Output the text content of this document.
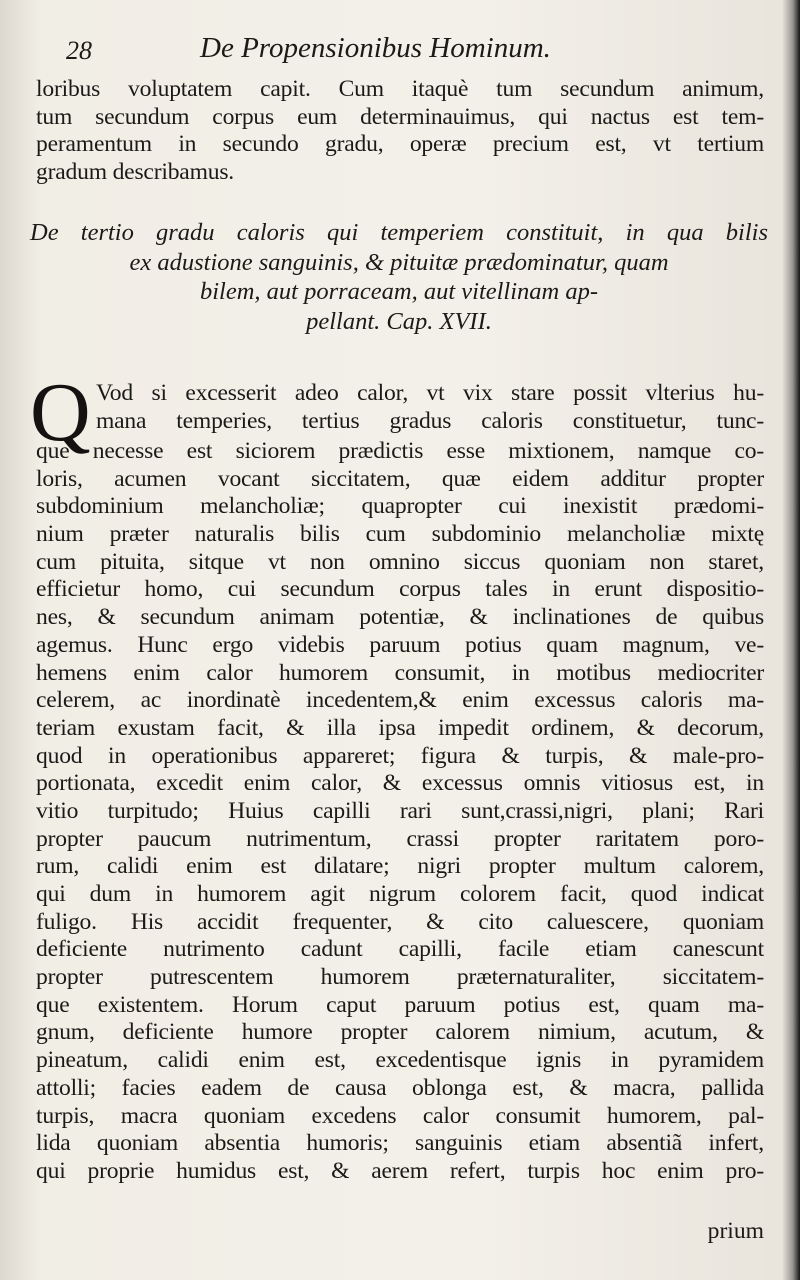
28	De Propensionibus Hominum.
loribus voluptatem capit. Cum itaquè tum secundum animum,
tum secundum corpus eum determinauimus, qui nactus est tem-
peramentum in secundo gradu, operæ precium est, vt tertium
gradum describamus.
De tertio gradu caloris qui temperiem constituit, in qua bilis
ex adustione sanguinis, & pituitæ prædominatur, quam
bilem, aut porraceam, aut vitellinam ap-
pellant. Cap. XVII.
Q Vod si excesserit adeo calor, vt vix stare possit vlterius hu-
mana temperies, tertius gradus caloris constituetur, tunc-
que necesse est siciorem prædictis esse mixtionem, namque co-
loris, acumen vocant siccitatem, quæ eidem additur propter
subdominium melancholiæ; quapropter cui inexistit prædomi-
nium præter naturalis bilis cum subdominio melancholiæ mixtę
cum pituita, sitque vt non omnino siccus quoniam non staret,
efficietur homo, cui secundum corpus tales in erunt dispositio-
nes, & secundum animam potentiæ, & inclinationes de quibus
agemus. Hunc ergo videbis paruum potius quam magnum, ve-
hemens enim calor humorem consumit, in motibus mediocriter
celerem, ac inordinatè incedentem,& enim excessus caloris ma-
teriam exustam facit, & illa ipsa impedit ordinem, & decorum,
quod in operationibus appareret; figura & turpis, & male-pro-
portionata, excedit enim calor, & excessus omnis vitiosus est, in
vitio turpitudo; Huius capilli rari sunt,crassi,nigri, plani; Rari
propter paucum nutrimentum, crassi propter raritatem poro-
rum, calidi enim est dilatare; nigri propter multum calorem,
qui dum in humorem agit nigrum colorem facit, quod indicat
fuligo. His accidit frequenter, & cito caluescere, quoniam
deficiente nutrimento cadunt capilli, facile etiam canescunt
propter putrescentem humorem præternaturaliter, siccitatem-
que existentem. Horum caput paruum potius est, quam ma-
gnum, deficiente humore propter calorem nimium, acutum, &
pineatum, calidi enim est, excedentisque ignis in pyramidem
attolli; facies eadem de causa oblonga est, & macra, pallida
turpis, macra quoniam excedens calor consumit humorem, pal-
lida quoniam absentia humoris; sanguinis etiam absentiã infert,
qui proprie humidus est, & aerem refert, turpis hoc enim pro-
prium
